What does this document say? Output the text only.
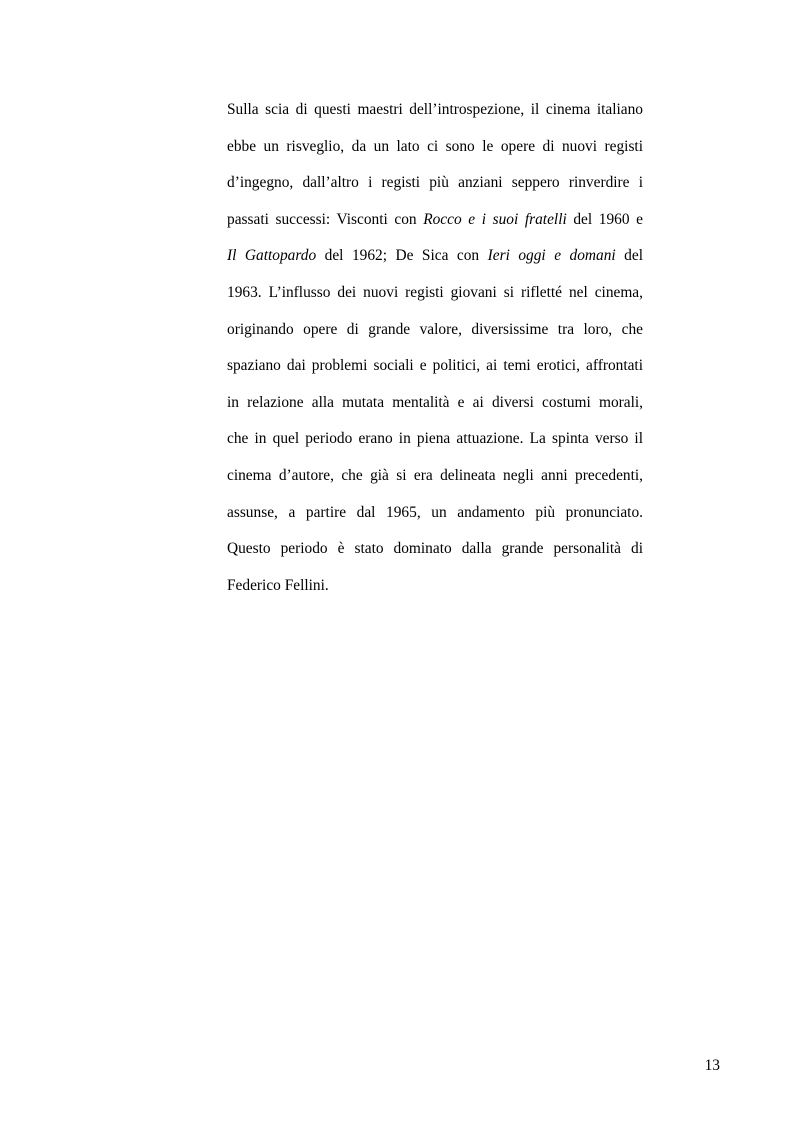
Sulla scia di questi maestri dell’introspezione, il cinema italiano
ebbe un risveglio, da un lato ci sono le opere di nuovi registi
d’ingegno, dall’altro i registi più anziani seppero rinverdire i
passati successi: Visconti con Rocco e i suoi fratelli del 1960 e
Il Gattopardo del 1962; De Sica con Ieri oggi e domani del
1963. L’influsso dei nuovi registi giovani si rifletté nel cinema,
originando opere di grande valore, diversissime tra loro, che
spaziano dai problemi sociali e politici, ai temi erotici, affrontati
in relazione alla mutata mentalità e ai diversi costumi morali,
che in quel periodo erano in piena attuazione. La spinta verso il
cinema d’autore, che già si era delineata negli anni precedenti,
assunse, a partire dal 1965, un andamento più pronunciato.
Questo periodo è stato dominato dalla grande personalità di
Federico Fellini.

13
